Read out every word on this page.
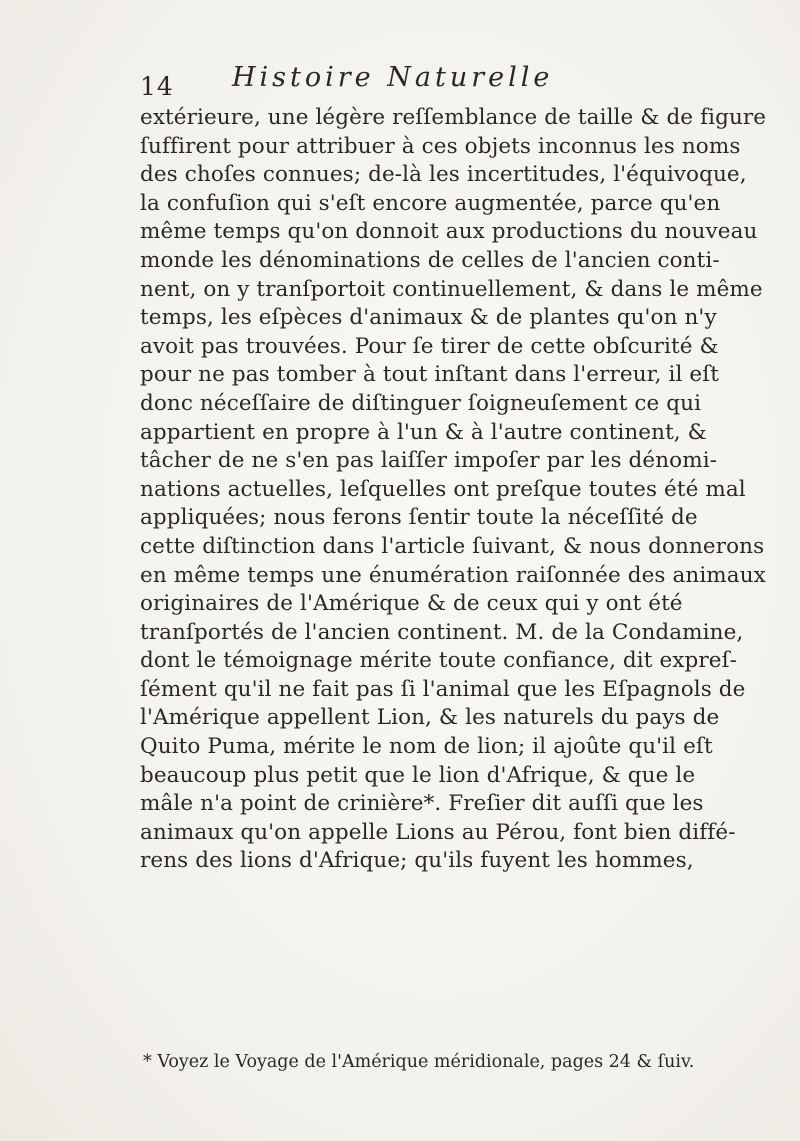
14 Histoire Naturelle
extérieure, une légère reſſemblance de taille & de figure
ſuffirent pour attribuer à ces objets inconnus les noms
des choſes connues; de-là les incertitudes, l'équivoque,
la confuſion qui s'eſt encore augmentée, parce qu'en
même temps qu'on donnoit aux productions du nouveau
monde les dénominations de celles de l'ancien conti-
nent, on y tranſportoit continuellement, & dans le même
temps, les eſpèces d'animaux & de plantes qu'on n'y
avoit pas trouvées. Pour ſe tirer de cette obſcurité &
pour ne pas tomber à tout inſtant dans l'erreur, il eſt
donc néceſſaire de diſtinguer ſoigneuſement ce qui
appartient en propre à l'un & à l'autre continent, &
tâcher de ne s'en pas laiſſer impoſer par les dénomi-
nations actuelles, leſquelles ont preſque toutes été mal
appliquées; nous ferons ſentir toute la néceſſité de
cette diſtinction dans l'article ſuivant, & nous donnerons
en même temps une énumération raiſonnée des animaux
originaires de l'Amérique & de ceux qui y ont été
tranſportés de l'ancien continent. M. de la Condamine,
dont le témoignage mérite toute confiance, dit expreſ-
ſément qu'il ne fait pas ſi l'animal que les Eſpagnols de
l'Amérique appellent Lion, & les naturels du pays de
Quito Puma, mérite le nom de lion; il ajoûte qu'il eſt
beaucoup plus petit que le lion d'Afrique, & que le
mâle n'a point de crinière*. Freſier dit auſſi que les
animaux qu'on appelle Lions au Pérou, font bien diffé-
rens des lions d'Afrique; qu'ils fuyent les hommes,
* Voyez le Voyage de l'Amérique méridionale, pages 24 & ſuiv.
